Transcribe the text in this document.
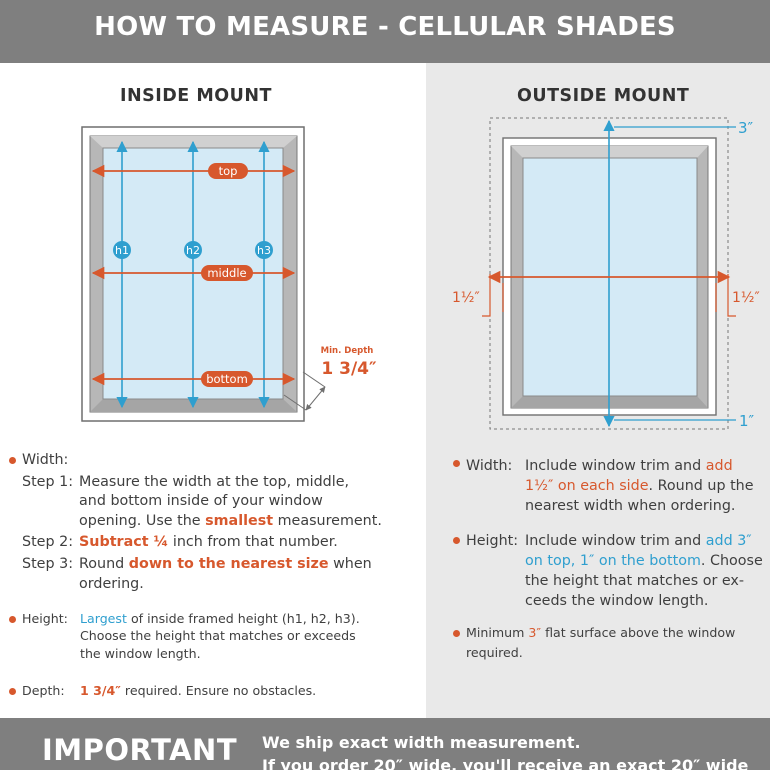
HOW TO MEASURE - CELLULAR SHADES
INSIDE MOUNT	OUTSIDE MOUNT
top
middle
bottom
h1	h2	h3
Min. Depth
1 3/4″
3″
1″
1½″	1½″
Width:
Step 1: Measure the width at the top, middle,
and bottom inside of your window
opening. Use the smallest measurement.
Step 2: Subtract ¼ inch from that number.
Step 3: Round down to the nearest size when
ordering.
Height: Largest of inside framed height (h1, h2, h3).
Choose the height that matches or exceeds
the window length.
Depth: 1 3/4″ required. Ensure no obstacles.
Width: Include window trim and add
1½″ on each side. Round up the
nearest width when ordering.
Height: Include window trim and add 3″
on top, 1″ on the bottom. Choose
the height that matches or ex-
ceeds the window length.
Minimum 3″ flat surface above the window
required.
IMPORTANT We ship exact width measurement.
If you order 20″ wide, you'll receive an exact 20″ wide
